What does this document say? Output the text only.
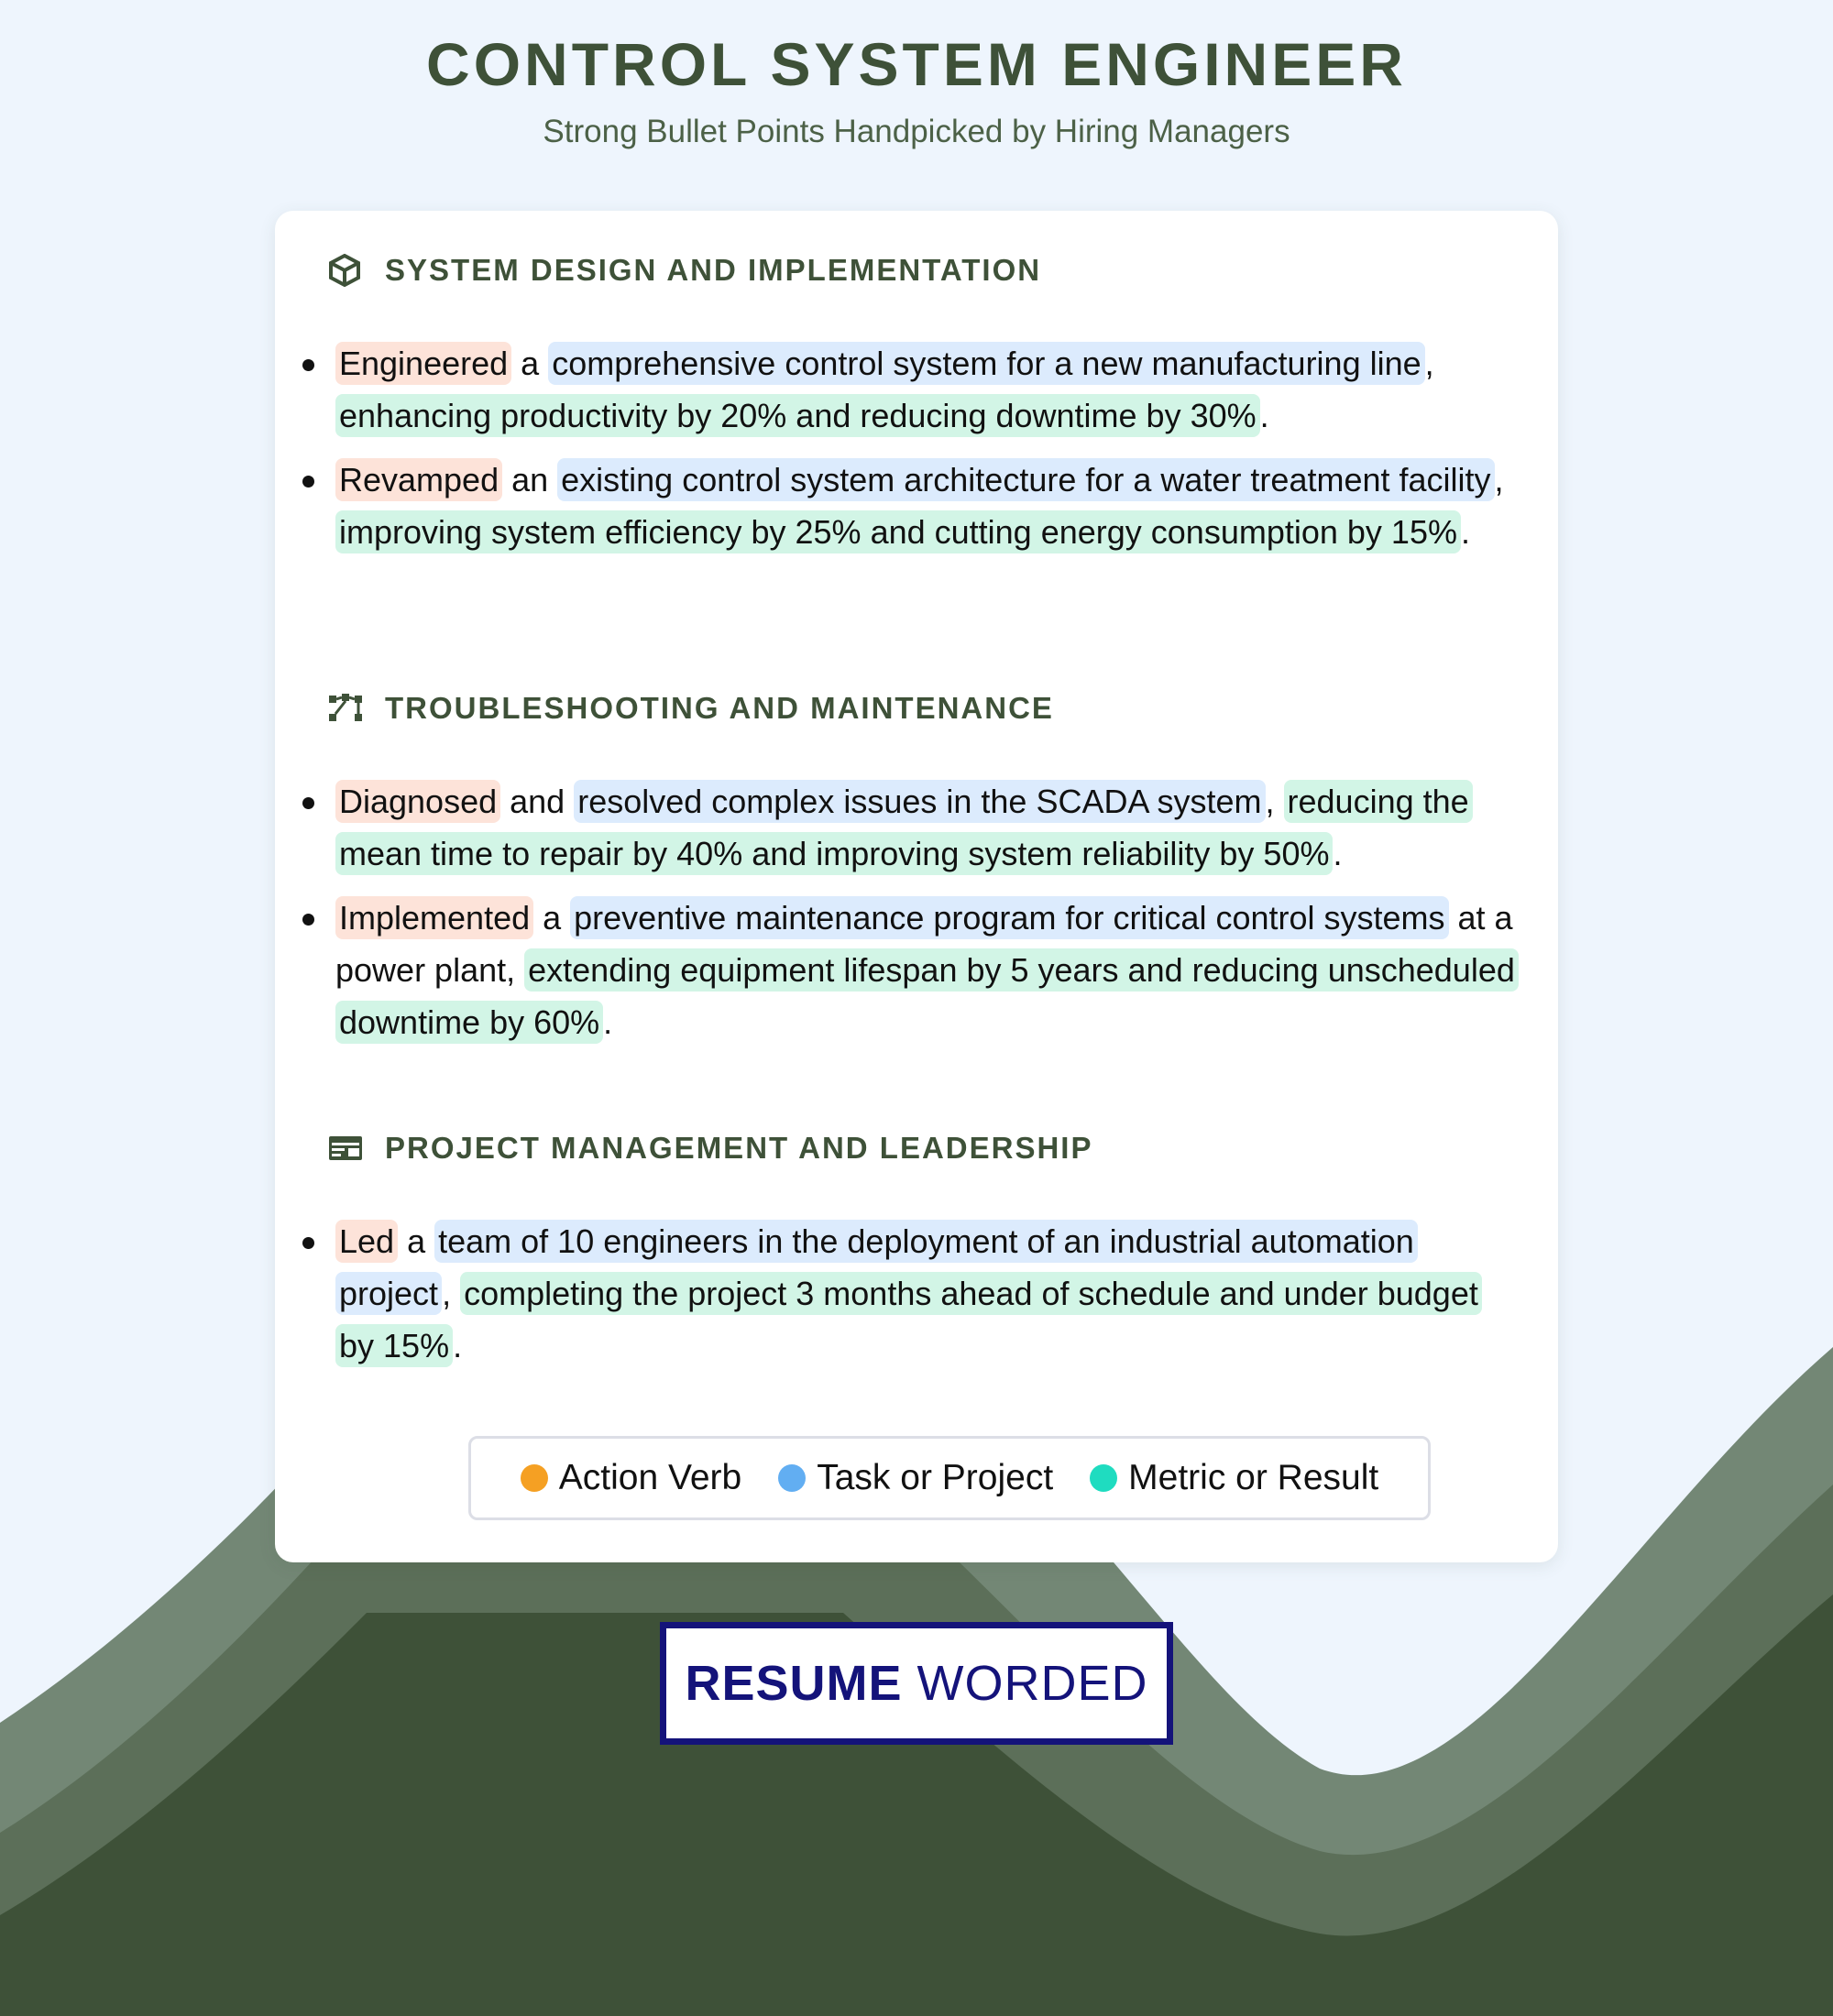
CONTROL SYSTEM ENGINEER

Strong Bullet Points Handpicked by Hiring Managers

SYSTEM DESIGN AND IMPLEMENTATION
Engineered a comprehensive control system for a new manufacturing line , enhancing productivity by 20% and reducing downtime by 30% .
Revamped an existing control system architecture for a water treatment facility , improving system efficiency by 25% and cutting energy consumption by 15% .
TROUBLESHOOTING AND MAINTENANCE
Diagnosed and resolved complex issues in the SCADA system , reducing the mean time to repair by 40% and improving system reliability by 50% .
Implemented a preventive maintenance program for critical control systems at a power plant, extending equipment lifespan by 5 years and reducing unscheduled downtime by 60% .
PROJECT MANAGEMENT AND LEADERSHIP
Led a team of 10 engineers in the deployment of an industrial automation project , completing the project 3 months ahead of schedule and under budget by 15% .
Action Verb Task or Project Metric or Result
RESUME WORDED
